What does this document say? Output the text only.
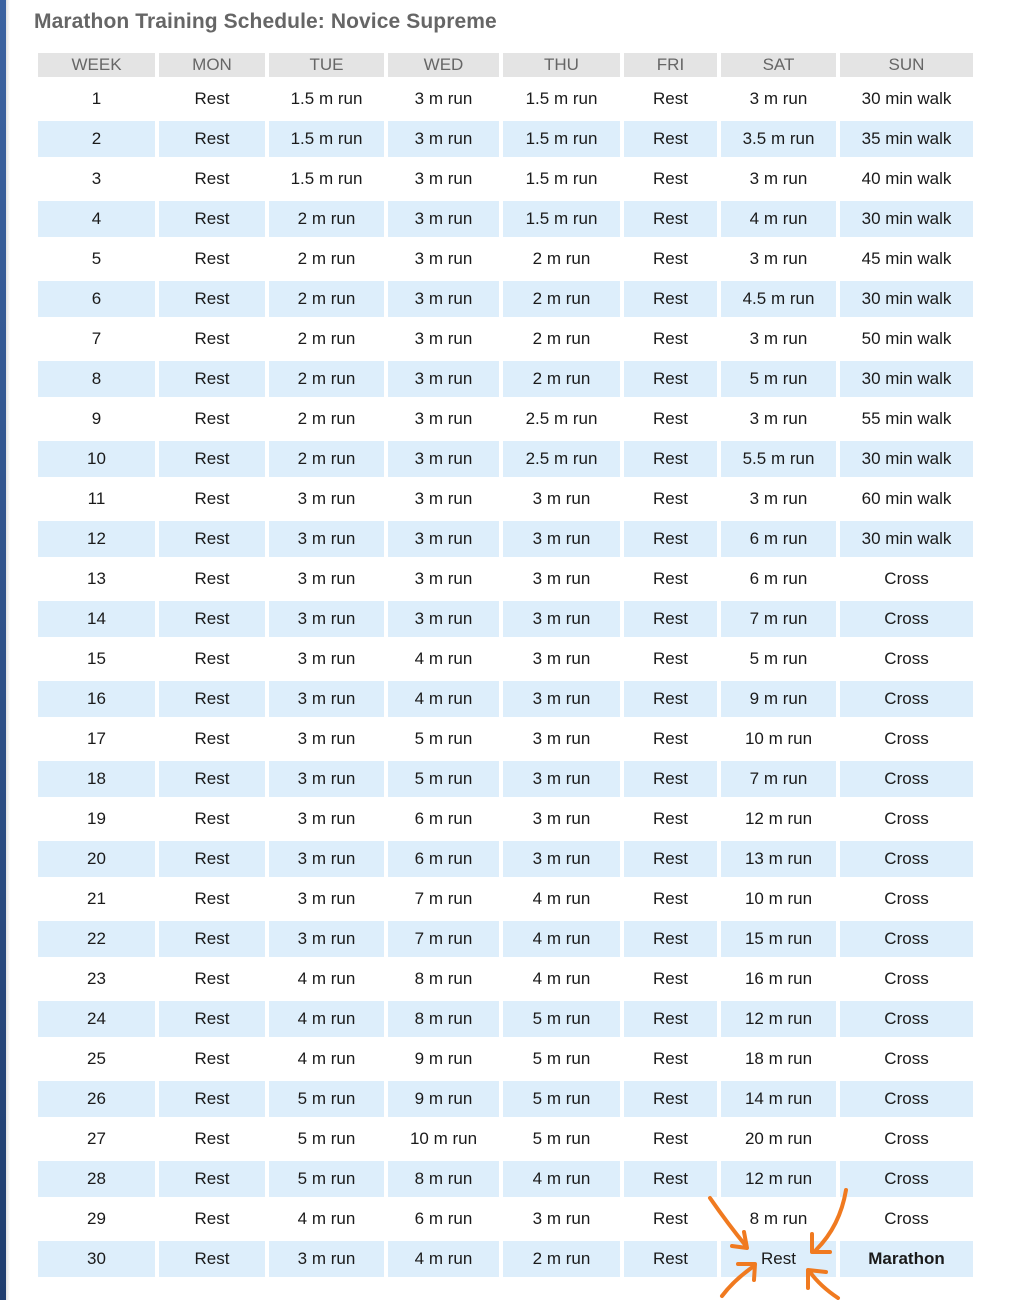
Marathon Training Schedule: Novice Supreme
WEEK	MON	TUE	WED	THU	FRI	SAT	SUN
1	Rest	1.5 m run	3 m run	1.5 m run	Rest	3 m run	30 min walk
2	Rest	1.5 m run	3 m run	1.5 m run	Rest	3.5 m run	35 min walk
3	Rest	1.5 m run	3 m run	1.5 m run	Rest	3 m run	40 min walk
4	Rest	2 m run	3 m run	1.5 m run	Rest	4 m run	30 min walk
5	Rest	2 m run	3 m run	2 m run	Rest	3 m run	45 min walk
6	Rest	2 m run	3 m run	2 m run	Rest	4.5 m run	30 min walk
7	Rest	2 m run	3 m run	2 m run	Rest	3 m run	50 min walk
8	Rest	2 m run	3 m run	2 m run	Rest	5 m run	30 min walk
9	Rest	2 m run	3 m run	2.5 m run	Rest	3 m run	55 min walk
10	Rest	2 m run	3 m run	2.5 m run	Rest	5.5 m run	30 min walk
11	Rest	3 m run	3 m run	3 m run	Rest	3 m run	60 min walk
12	Rest	3 m run	3 m run	3 m run	Rest	6 m run	30 min walk
13	Rest	3 m run	3 m run	3 m run	Rest	6 m run	Cross
14	Rest	3 m run	3 m run	3 m run	Rest	7 m run	Cross
15	Rest	3 m run	4 m run	3 m run	Rest	5 m run	Cross
16	Rest	3 m run	4 m run	3 m run	Rest	9 m run	Cross
17	Rest	3 m run	5 m run	3 m run	Rest	10 m run	Cross
18	Rest	3 m run	5 m run	3 m run	Rest	7 m run	Cross
19	Rest	3 m run	6 m run	3 m run	Rest	12 m run	Cross
20	Rest	3 m run	6 m run	3 m run	Rest	13 m run	Cross
21	Rest	3 m run	7 m run	4 m run	Rest	10 m run	Cross
22	Rest	3 m run	7 m run	4 m run	Rest	15 m run	Cross
23	Rest	4 m run	8 m run	4 m run	Rest	16 m run	Cross
24	Rest	4 m run	8 m run	5 m run	Rest	12 m run	Cross
25	Rest	4 m run	9 m run	5 m run	Rest	18 m run	Cross
26	Rest	5 m run	9 m run	5 m run	Rest	14 m run	Cross
27	Rest	5 m run	10 m run	5 m run	Rest	20 m run	Cross
28	Rest	5 m run	8 m run	4 m run	Rest	12 m run	Cross
29	Rest	4 m run	6 m run	3 m run	Rest	8 m run	Cross
30	Rest	3 m run	4 m run	2 m run	Rest	Rest	Marathon
